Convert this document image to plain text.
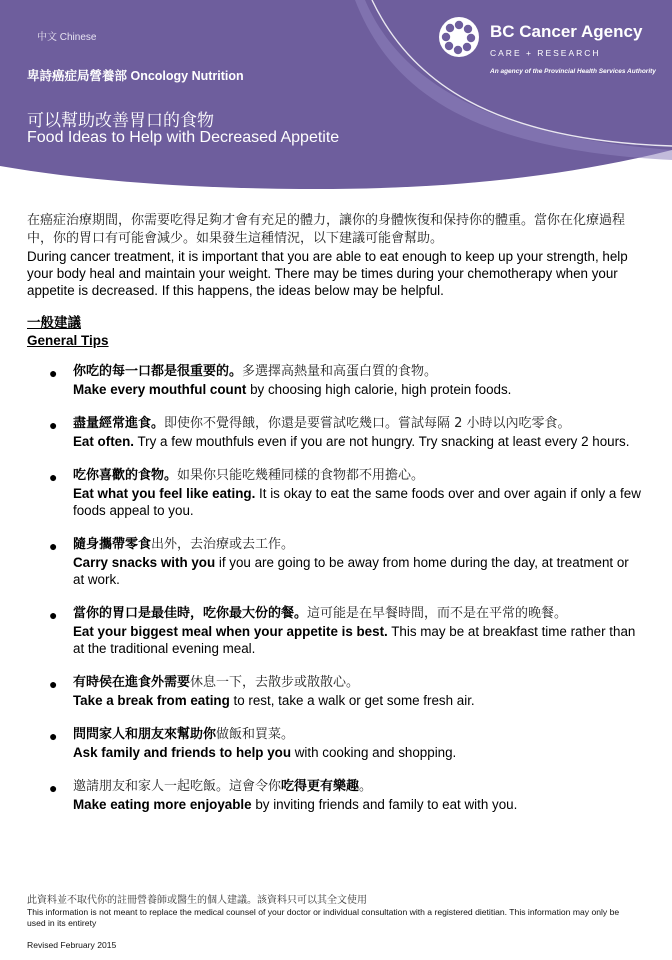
中文 Chinese
卑詩癌症局營養部 Oncology Nutrition
可以幫助改善胃口的食物
Food Ideas to Help with Decreased Appetite
BC Cancer Agency
CARE + RESEARCH
An agency of the Provincial Health Services Authority

在癌症治療期間，你需要吃得足夠才會有充足的體力，讓你的身體恢復和保持你的體重。當你在化療過程中，你的胃口有可能會減少。如果發生這種情況，以下建議可能會幫助。

During cancer treatment, it is important that you are able to eat enough to keep up your strength, help your body heal and maintain your weight. There may be times during your chemotherapy when your appetite is decreased. If this happens, the ideas below may be helpful.

一般建議
General Tips
● 你吃的每一口都是很重要的。多選擇高熱量和高蛋白質的食物。
Make every mouthful count by choosing high calorie, high protein foods.
● 盡量經常進食。即使你不覺得餓，你還是要嘗試吃幾口。嘗試每隔 2 小時以內吃零食。
Eat often. Try a few mouthfuls even if you are not hungry. Try snacking at least every 2 hours.
● 吃你喜歡的食物。如果你只能吃幾種同樣的食物都不用擔心。
Eat what you feel like eating. It is okay to eat the same foods over and over again if only a few foods appeal to you.
● 隨身攜帶零食出外，去治療或去工作。
Carry snacks with you if you are going to be away from home during the day, at treatment or at work.
● 當你的胃口是最佳時，吃你最大份的餐。這可能是在早餐時間，而不是在平常的晚餐。
Eat your biggest meal when your appetite is best. This may be at breakfast time rather than at the traditional evening meal.
● 有時侯在進食外需要休息一下，去散步或散散心。
Take a break from eating to rest, take a walk or get some fresh air.
● 問問家人和朋友來幫助你做飯和買菜。
Ask family and friends to help you with cooking and shopping.
● 邀請朋友和家人一起吃飯。這會令你吃得更有樂趣。
Make eating more enjoyable by inviting friends and family to eat with you.
此資料並不取代你的註冊營養師或醫生的個人建議。該資料只可以其全文使用
This information is not meant to replace the medical counsel of your doctor or individual consultation with a registered dietitian. This information may only be used in its entirety
Revised February 2015
